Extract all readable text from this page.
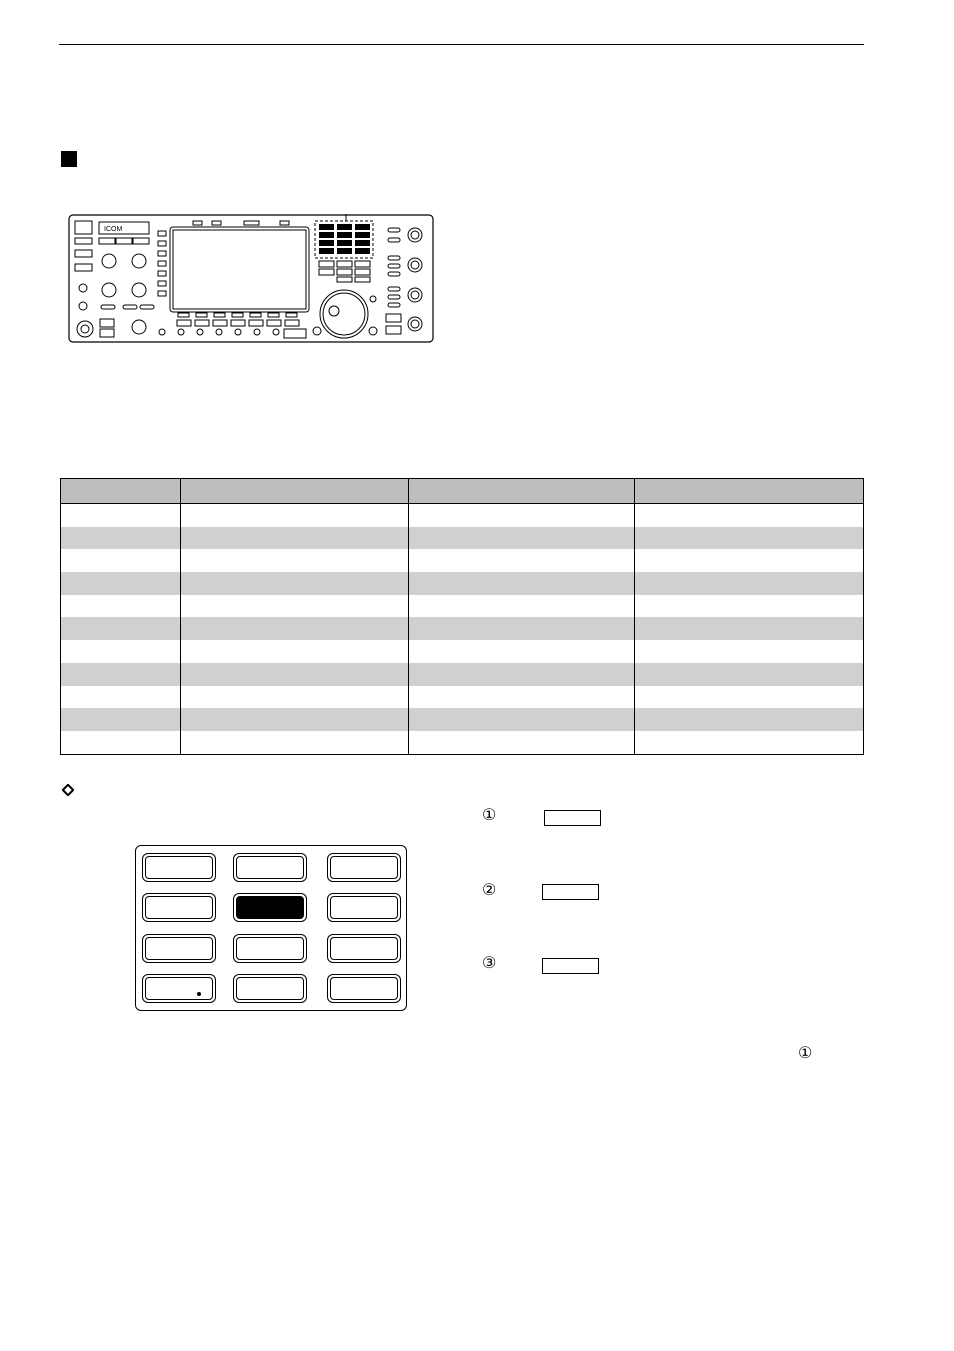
ICOM

①
②
③
①
